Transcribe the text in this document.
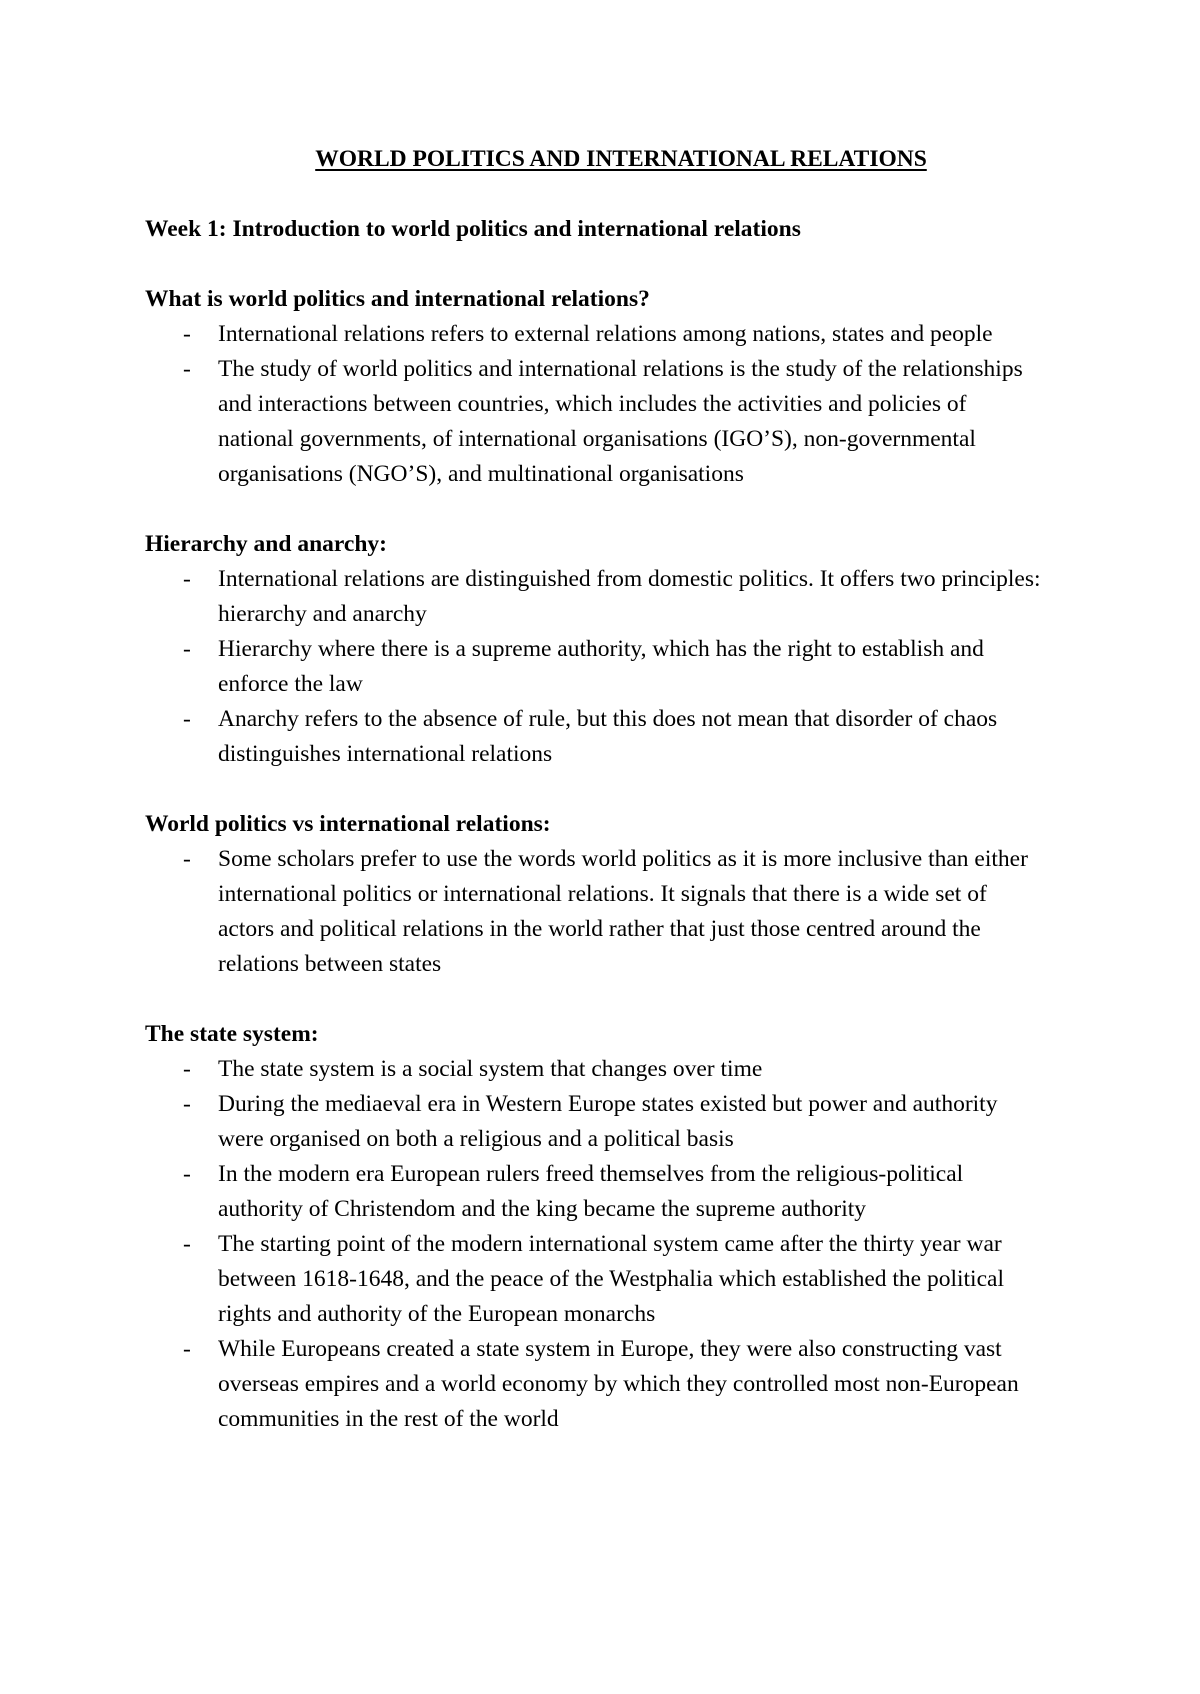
WORLD POLITICS AND INTERNATIONAL RELATIONS
Week 1: Introduction to world politics and international relations
What is world politics and international relations?
- International relations refers to external relations among nations, states and people
- The study of world politics and international relations is the study of the relationships and interactions between countries, which includes the activities and policies of national governments, of international organisations (IGO’S), non-governmental organisations (NGO’S), and multinational organisations
Hierarchy and anarchy:
- International relations are distinguished from domestic politics. It offers two principles: hierarchy and anarchy
- Hierarchy where there is a supreme authority, which has the right to establish and enforce the law
- Anarchy refers to the absence of rule, but this does not mean that disorder of chaos distinguishes international relations
World politics vs international relations:
- Some scholars prefer to use the words world politics as it is more inclusive than either international politics or international relations. It signals that there is a wide set of actors and political relations in the world rather that just those centred around the relations between states
The state system:
- The state system is a social system that changes over time
- During the mediaeval era in Western Europe states existed but power and authority were organised on both a religious and a political basis
- In the modern era European rulers freed themselves from the religious-political authority of Christendom and the king became the supreme authority
- The starting point of the modern international system came after the thirty year war between 1618-1648, and the peace of the Westphalia which established the political rights and authority of the European monarchs
- While Europeans created a state system in Europe, they were also constructing vast overseas empires and a world economy by which they controlled most non-European communities in the rest of the world
